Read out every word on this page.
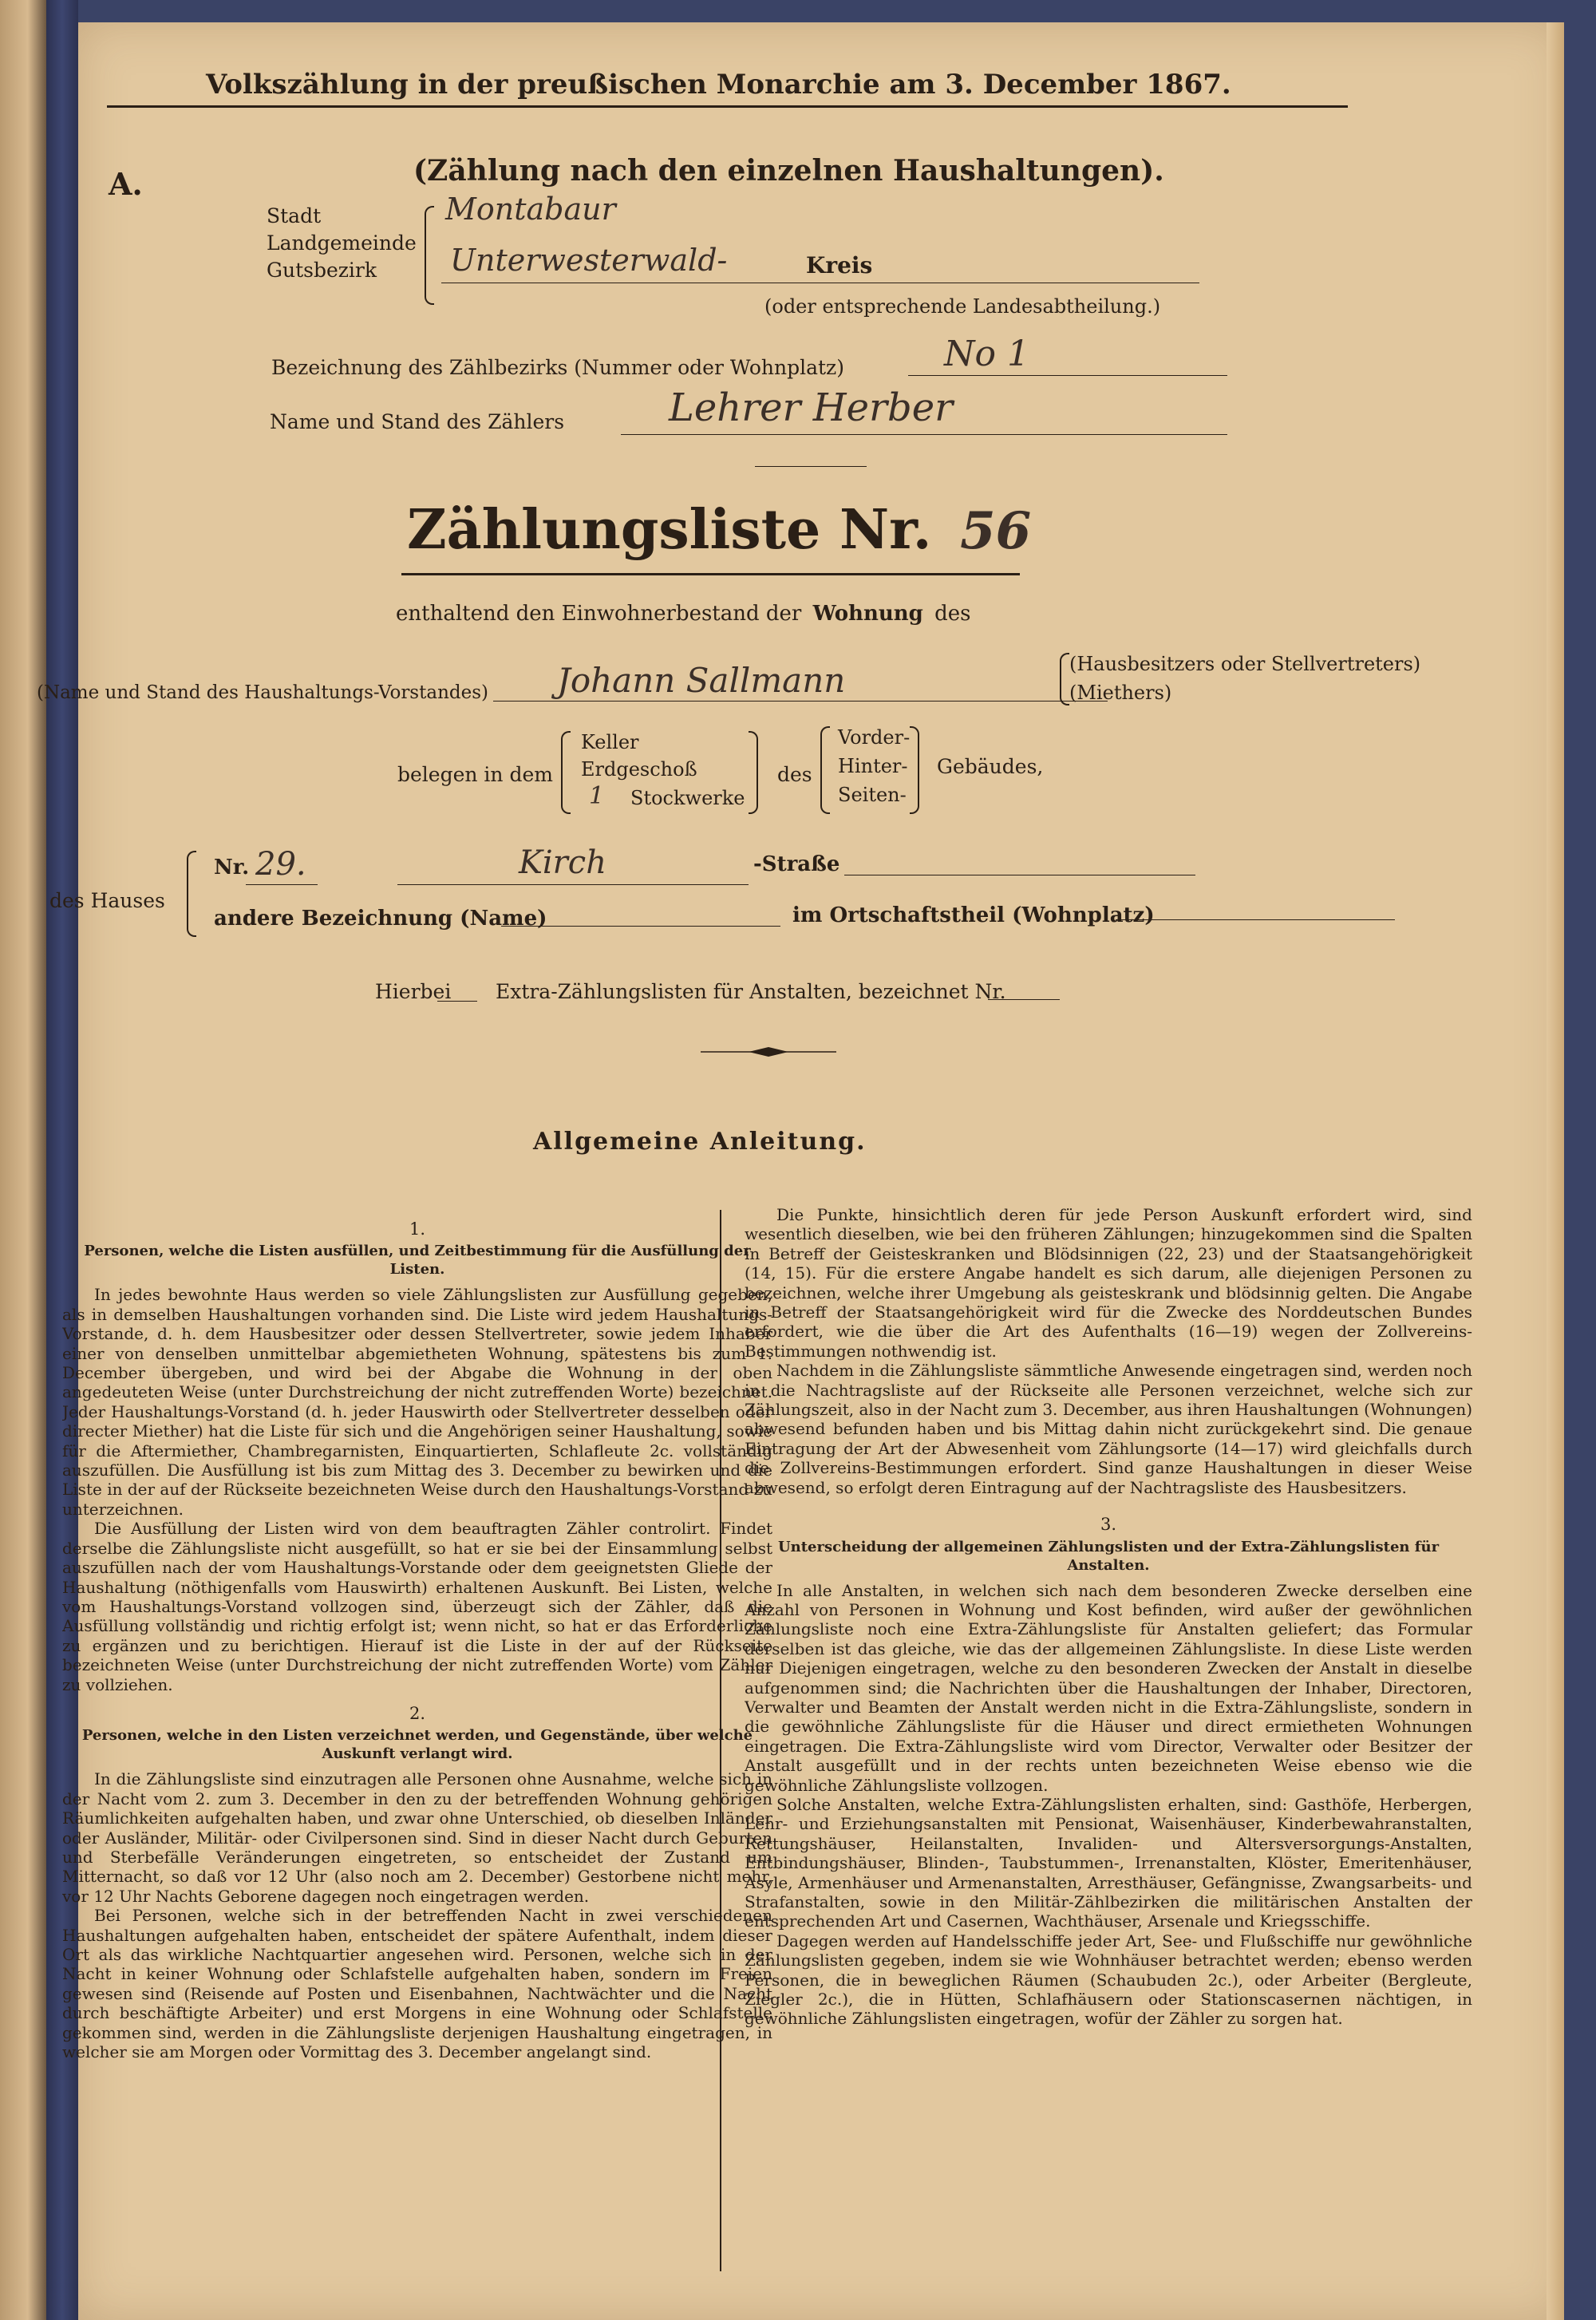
Volkszählung in der preußischen Monarchie am 3. December 1867.
A.	(Zählung nach den einzelnen Haushaltungen).
Stadt
Landgemeinde
Gutsbezirk
Montabaur
Unterwesterwald-	Kreis
(oder entsprechende Landesabtheilung.)
Bezeichnung des Zählbezirks (Nummer oder Wohnplatz)	No 1
Name und Stand des Zählers	Lehrer Herber
Zählungsliste Nr. 56
enthaltend den Einwohnerbestand der Wohnung des
(Name und Stand des Haushaltungs-Vorstandes) Johann Sallmann	(Hausbesitzers oder Stellvertreters)
(Miethers)
belegen in dem
Keller
Erdgeschoß
1 Stockwerke
des
Vorder-
Hinter-
Seiten-
Gebäudes,
des Hauses
Nr. 29.	Kirch	-Straße
andere Bezeichnung (Name)	im Ortschaftstheil (Wohnplatz)
Hierbei       Extra-Zählungslisten für Anstalten, bezeichnet Nr.
Allgemeine Anleitung.
1.
Personen, welche die Listen ausfüllen, und Zeitbestimmung für die Ausfüllung der Listen.

In jedes bewohnte Haus werden so viele Zählungslisten zur Ausfüllung gegeben, als in demselben Haushaltungen vorhanden sind. Die Liste wird jedem Haushaltungs-Vorstande, d. h. dem Hausbesitzer oder dessen Stellvertreter, sowie jedem Inhaber einer von denselben unmittelbar abgemietheten Wohnung, spätestens bis zum 1. December übergeben, und wird bei der Abgabe die Wohnung in der oben angedeuteten Weise (unter Durchstreichung der nicht zutreffenden Worte) bezeichnet. Jeder Haushaltungs-Vorstand (d. h. jeder Hauswirth oder Stellvertreter desselben oder directer Miether) hat die Liste für sich und die Angehörigen seiner Haushaltung, sowie für die Aftermiether, Chambregarnisten, Einquartierten, Schlafleute 2c. vollständig auszufüllen. Die Ausfüllung ist bis zum Mittag des 3. December zu bewirken und die Liste in der auf der Rückseite bezeichneten Weise durch den Haushaltungs-Vorstand zu unterzeichnen.

Die Ausfüllung der Listen wird von dem beauftragten Zähler controlirt. Findet derselbe die Zählungsliste nicht ausgefüllt, so hat er sie bei der Einsammlung selbst auszufüllen nach der vom Haushaltungs-Vorstande oder dem geeignetsten Gliede der Haushaltung (nöthigenfalls vom Hauswirth) erhaltenen Auskunft. Bei Listen, welche vom Haushaltungs-Vorstand vollzogen sind, überzeugt sich der Zähler, daß die Ausfüllung vollständig und richtig erfolgt ist; wenn nicht, so hat er das Erforderliche zu ergänzen und zu berichtigen. Hierauf ist die Liste in der auf der Rückseite bezeichneten Weise (unter Durchstreichung der nicht zutreffenden Worte) vom Zähler zu vollziehen.

2.
Personen, welche in den Listen verzeichnet werden, und Gegenstände, über welche Auskunft verlangt wird.

In die Zählungsliste sind einzutragen alle Personen ohne Ausnahme, welche sich in der Nacht vom 2. zum 3. December in den zu der betreffenden Wohnung gehörigen Räumlichkeiten aufgehalten haben, und zwar ohne Unterschied, ob dieselben Inländer oder Ausländer, Militär- oder Civilpersonen sind. Sind in dieser Nacht durch Geburten und Sterbefälle Veränderungen eingetreten, so entscheidet der Zustand um Mitternacht, so daß vor 12 Uhr (also noch am 2. December) Gestorbene nicht mehr, vor 12 Uhr Nachts Geborene dagegen noch eingetragen werden.

Bei Personen, welche sich in der betreffenden Nacht in zwei verschiedenen Haushaltungen aufgehalten haben, entscheidet der spätere Aufenthalt, indem dieser Ort als das wirkliche Nachtquartier angesehen wird. Personen, welche sich in der Nacht in keiner Wohnung oder Schlafstelle aufgehalten haben, sondern im Freien gewesen sind (Reisende auf Posten und Eisenbahnen, Nachtwächter und die Nacht durch beschäftigte Arbeiter) und erst Morgens in eine Wohnung oder Schlafstelle gekommen sind, werden in die Zählungsliste derjenigen Haushaltung eingetragen, in welcher sie am Morgen oder Vormittag des 3. December angelangt sind.

Die Punkte, hinsichtlich deren für jede Person Auskunft erfordert wird, sind wesentlich dieselben, wie bei den früheren Zählungen; hinzugekommen sind die Spalten in Betreff der Geisteskranken und Blödsinnigen (22, 23) und der Staatsangehörigkeit (14, 15). Für die erstere Angabe handelt es sich darum, alle diejenigen Personen zu bezeichnen, welche ihrer Umgebung als geisteskrank und blödsinnig gelten. Die Angabe in Betreff der Staatsangehörigkeit wird für die Zwecke des Norddeutschen Bundes erfordert, wie die über die Art des Aufenthalts (16—19) wegen der Zollvereins-Bestimmungen nothwendig ist.

Nachdem in die Zählungsliste sämmtliche Anwesende eingetragen sind, werden noch in die Nachtragsliste auf der Rückseite alle Personen verzeichnet, welche sich zur Zählungszeit, also in der Nacht zum 3. December, aus ihren Haushaltungen (Wohnungen) abwesend befunden haben und bis Mittag dahin nicht zurückgekehrt sind. Die genaue Eintragung der Art der Abwesenheit vom Zählungsorte (14—17) wird gleichfalls durch die Zollvereins-Bestimmungen erfordert. Sind ganze Haushaltungen in dieser Weise abwesend, so erfolgt deren Eintragung auf der Nachtragsliste des Hausbesitzers.

3.
Unterscheidung der allgemeinen Zählungslisten und der Extra-Zählungslisten für Anstalten.

In alle Anstalten, in welchen sich nach dem besonderen Zwecke derselben eine Anzahl von Personen in Wohnung und Kost befinden, wird außer der gewöhnlichen Zählungsliste noch eine Extra-Zählungsliste für Anstalten geliefert; das Formular derselben ist das gleiche, wie das der allgemeinen Zählungsliste. In diese Liste werden nur Diejenigen eingetragen, welche zu den besonderen Zwecken der Anstalt in dieselbe aufgenommen sind; die Nachrichten über die Haushaltungen der Inhaber, Directoren, Verwalter und Beamten der Anstalt werden nicht in die Extra-Zählungsliste, sondern in die gewöhnliche Zählungsliste für die Häuser und direct ermietheten Wohnungen eingetragen. Die Extra-Zählungsliste wird vom Director, Verwalter oder Besitzer der Anstalt ausgefüllt und in der rechts unten bezeichneten Weise ebenso wie die gewöhnliche Zählungsliste vollzogen.

Solche Anstalten, welche Extra-Zählungslisten erhalten, sind: Gasthöfe, Herbergen, Lehr- und Erziehungsanstalten mit Pensionat, Waisenhäuser, Kinderbewahranstalten, Rettungshäuser, Heilanstalten, Invaliden- und Altersversorgungs-Anstalten, Entbindungshäuser, Blinden-, Taubstummen-, Irrenanstalten, Klöster, Emeritenhäuser, Asyle, Armenhäuser und Armenanstalten, Arresthäuser, Gefängnisse, Zwangsarbeits- und Strafanstalten, sowie in den Militär-Zählbezirken die militärischen Anstalten der entsprechenden Art und Casernen, Wachthäuser, Arsenale und Kriegsschiffe.

Dagegen werden auf Handelsschiffe jeder Art, See- und Flußschiffe nur gewöhnliche Zählungslisten gegeben, indem sie wie Wohnhäuser betrachtet werden; ebenso werden Personen, die in beweglichen Räumen (Schaubuden 2c.), oder Arbeiter (Bergleute, Ziegler 2c.), die in Hütten, Schlafhäusern oder Stationscasernen nächtigen, in gewöhnliche Zählungslisten eingetragen, wofür der Zähler zu sorgen hat.
